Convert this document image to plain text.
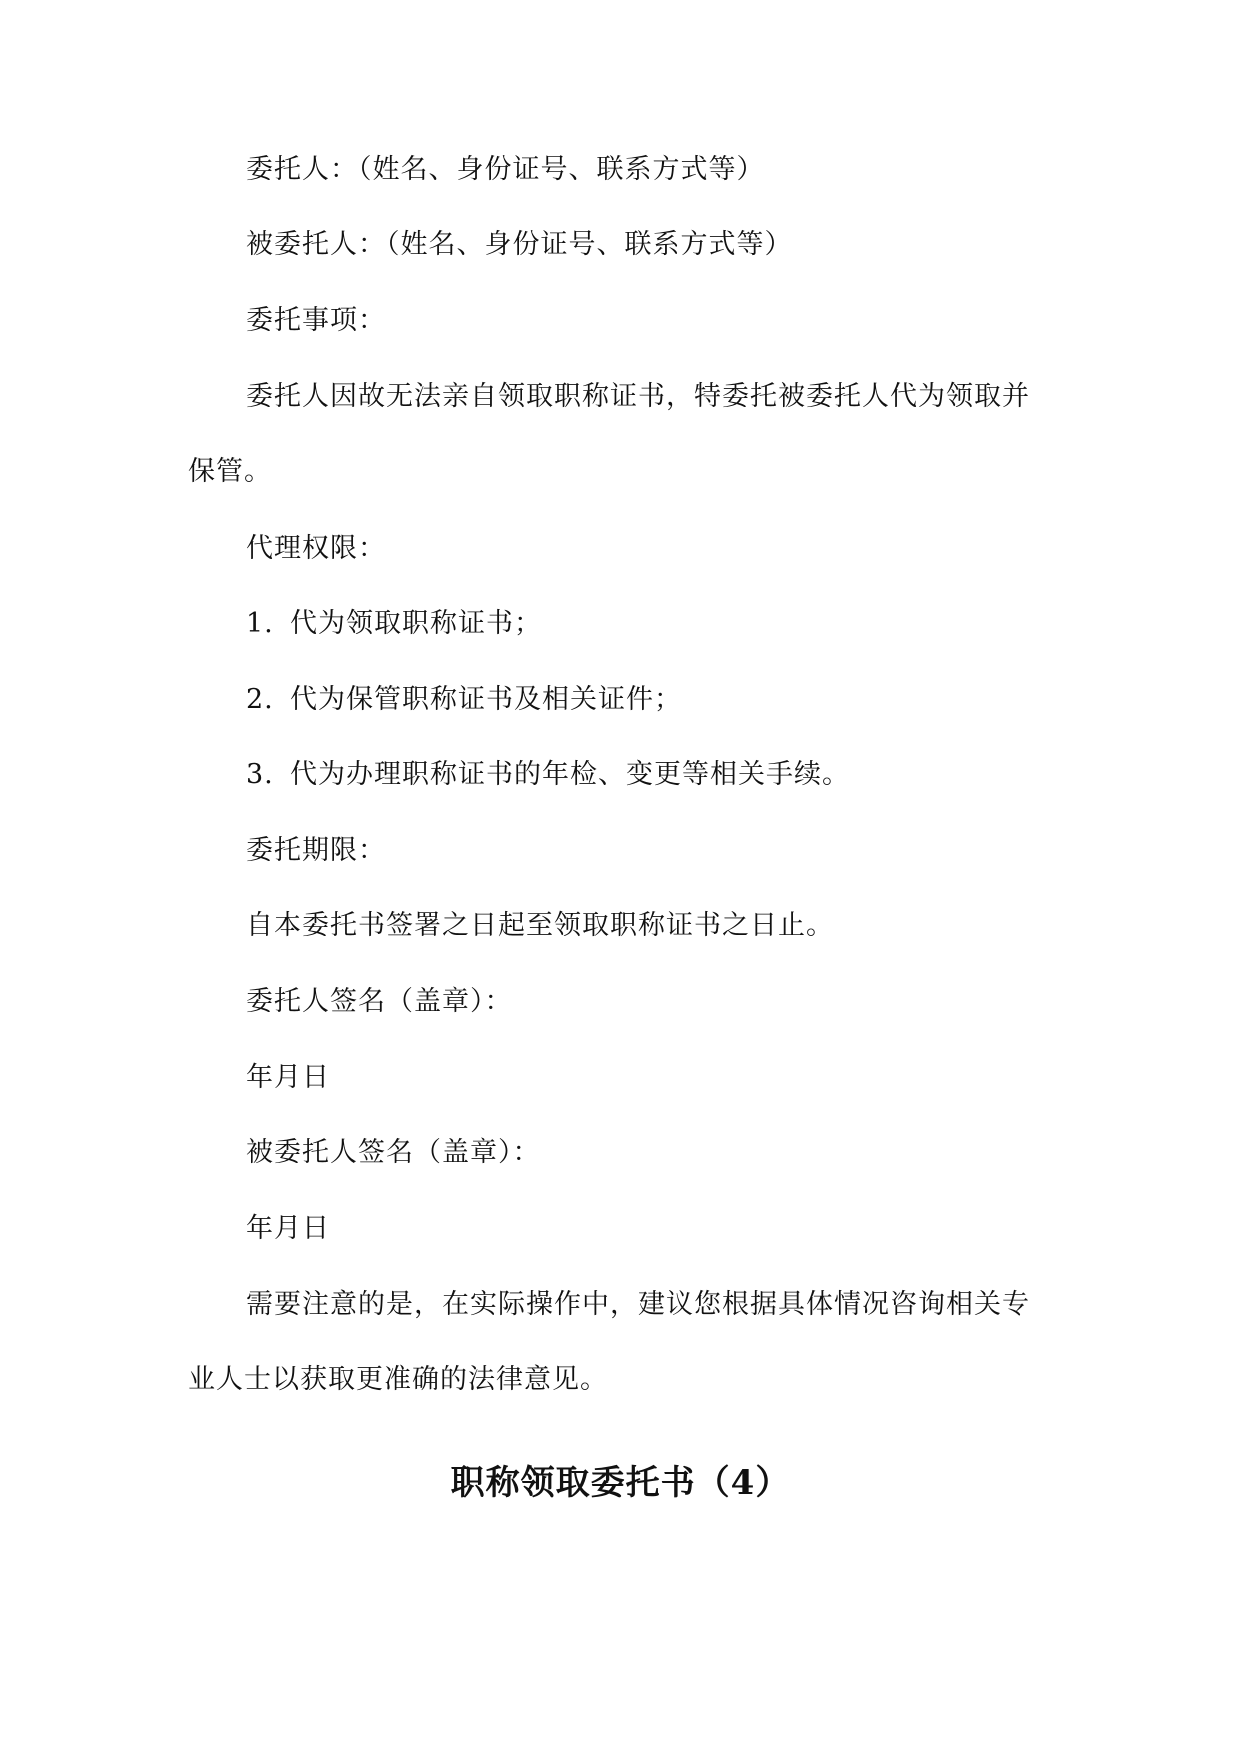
委托人：（姓名、身份证号、联系方式等）
被委托人：（姓名、身份证号、联系方式等）
委托事项：
委托人因故无法亲自领取职称证书，特委托被委托人代为领取并
保管。
代理权限：
1. 代为领取职称证书；
2. 代为保管职称证书及相关证件；
3. 代为办理职称证书的年检、变更等相关手续。
委托期限：
自本委托书签署之日起至领取职称证书之日止。
委托人签名（盖章）：
年月日
被委托人签名（盖章）：
年月日
需要注意的是，在实际操作中，建议您根据具体情况咨询相关专
业人士以获取更准确的法律意见。
职称领取委托书（4）
